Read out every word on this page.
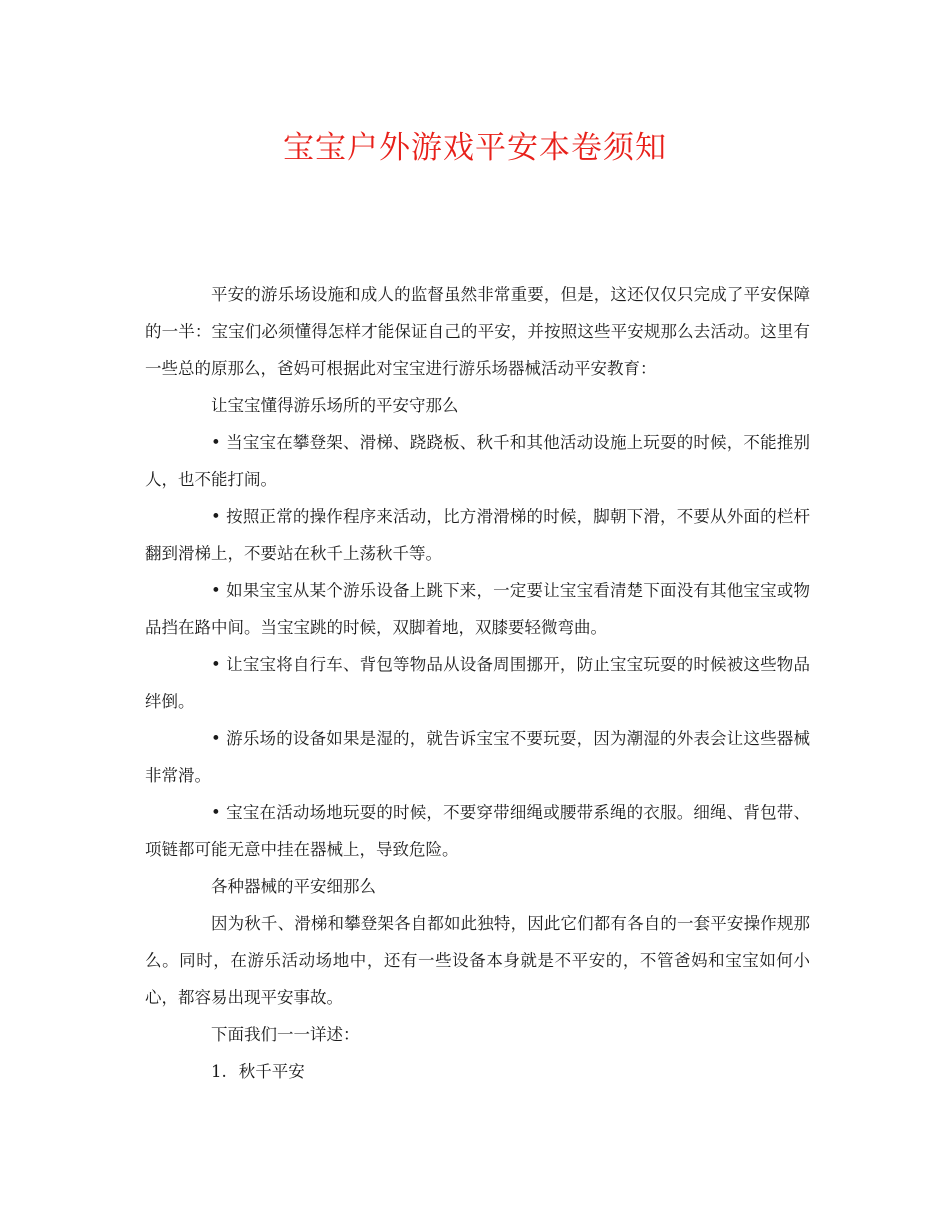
宝宝户外游戏平安本卷须知

平安的游乐场设施和成人的监督虽然非常重要，但是，这还仅仅只完成了平安保障的一半：宝宝们必须懂得怎样才能保证自己的平安，并按照这些平安规那么去活动。这里有一些总的原那么，爸妈可根据此对宝宝进行游乐场器械活动平安教育：

让宝宝懂得游乐场所的平安守那么

• 当宝宝在攀登架、滑梯、跷跷板、秋千和其他活动设施上玩耍的时候，不能推别人，也不能打闹。

• 按照正常的操作程序来活动，比方滑滑梯的时候，脚朝下滑，不要从外面的栏杆翻到滑梯上，不要站在秋千上荡秋千等。

• 如果宝宝从某个游乐设备上跳下来，一定要让宝宝看清楚下面没有其他宝宝或物品挡在路中间。当宝宝跳的时候，双脚着地，双膝要轻微弯曲。

• 让宝宝将自行车、背包等物品从设备周围挪开，防止宝宝玩耍的时候被这些物品绊倒。

• 游乐场的设备如果是湿的，就告诉宝宝不要玩耍，因为潮湿的外表会让这些器械非常滑。

• 宝宝在活动场地玩耍的时候，不要穿带细绳或腰带系绳的衣服。细绳、背包带、项链都可能无意中挂在器械上，导致危险。

各种器械的平安细那么

因为秋千、滑梯和攀登架各自都如此独特，因此它们都有各自的一套平安操作规那么。同时，在游乐活动场地中，还有一些设备本身就是不平安的，不管爸妈和宝宝如何小心，都容易出现平安事故。

下面我们一一详述：

1. 秋千平安
